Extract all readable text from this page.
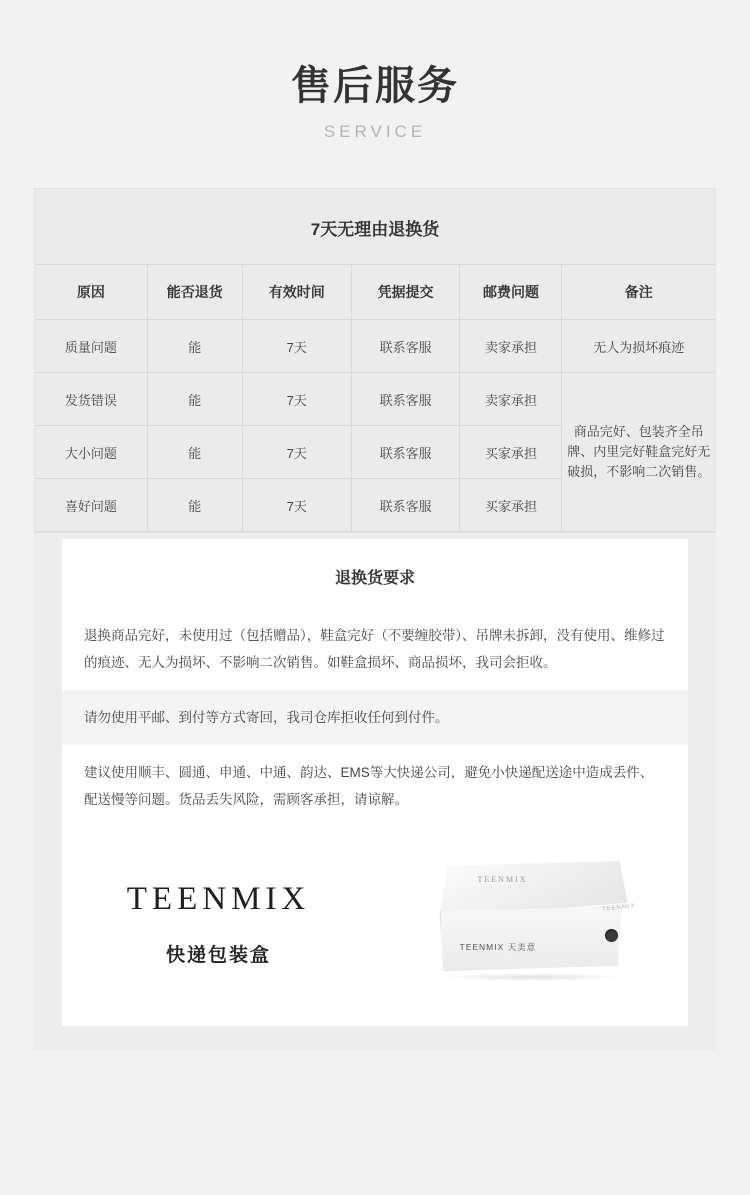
售后服务
SERVICE
7天无理由退换货
原因	能否退货	有效时间	凭据提交	邮费问题	备注
质量问题	能	7天	联系客服	卖家承担	无人为损坏痕迹
发货错误	能	7天	联系客服	卖家承担	商品完好、包装齐全吊牌、内里完好鞋盒完好无破损，不影响二次销售。
大小问题	能	7天	联系客服	买家承担	
喜好问题	能	7天	联系客服	买家承担	
退换货要求
退换商品完好，未使用过（包括赠品），鞋盒完好（不要缠胶带）、吊牌未拆卸，没有使用、维修过的痕迹、无人为损坏、不影响二次销售。如鞋盒损坏、商品损坏，我司会拒收。
请勿使用平邮、到付等方式寄回，我司仓库拒收任何到付件。
建议使用顺丰、圆通、申通、中通、韵达、EMS等大快递公司，避免小快递配送途中造成丢件、配送慢等问题。货品丢失风险，需顾客承担，请谅解。
TEENMIX
快递包装盒
TEENMIX
TEENMIX 天美意
TEENMIX
